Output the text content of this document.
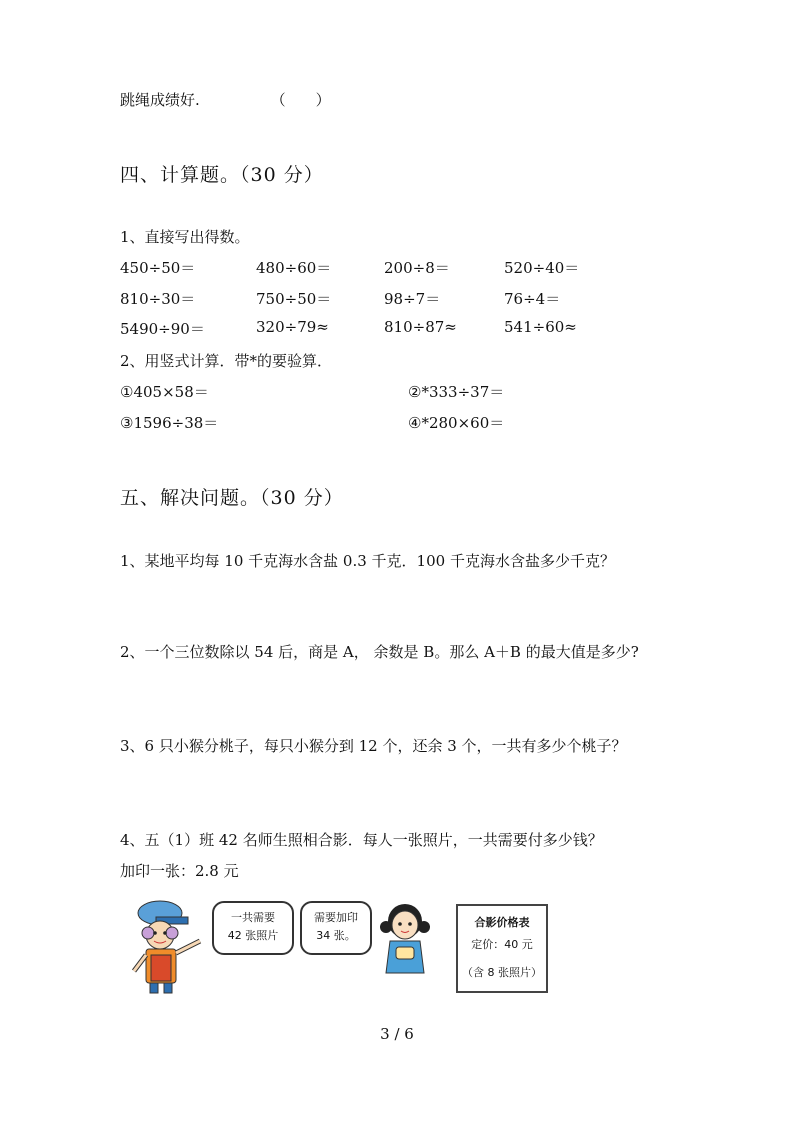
跳绳成绩好.	（　　）
四、计算题。（30 分）
1、直接写出得数。
450÷50＝	480÷60＝	200÷8＝	520÷40＝
810÷30＝	750÷50＝	98÷7＝	76÷4＝
5490÷90＝	320÷79≈	810÷87≈	541÷60≈
2、用竖式计算．带*的要验算．
①405×58＝	②*333÷37＝
③1596÷38＝	④*280×60＝
五、解决问题。（30 分）
1、某地平均每 10 千克海水含盐 0.3 千克．100 千克海水含盐多少千克？
2、一个三位数除以 54 后，商是 A， 余数是 B。那么 A＋B 的最大值是多少?
3、6 只小猴分桃子，每只小猴分到 12 个，还余 3 个，一共有多少个桃子？
4、五（1）班 42 名师生照相合影．每人一张照片，一共需要付多少钱？
加印一张：2.8 元
一共需要
42 张照片
需要加印
34 张。
合影价格表
定价：40 元
（含 8 张照片）
3 / 6
